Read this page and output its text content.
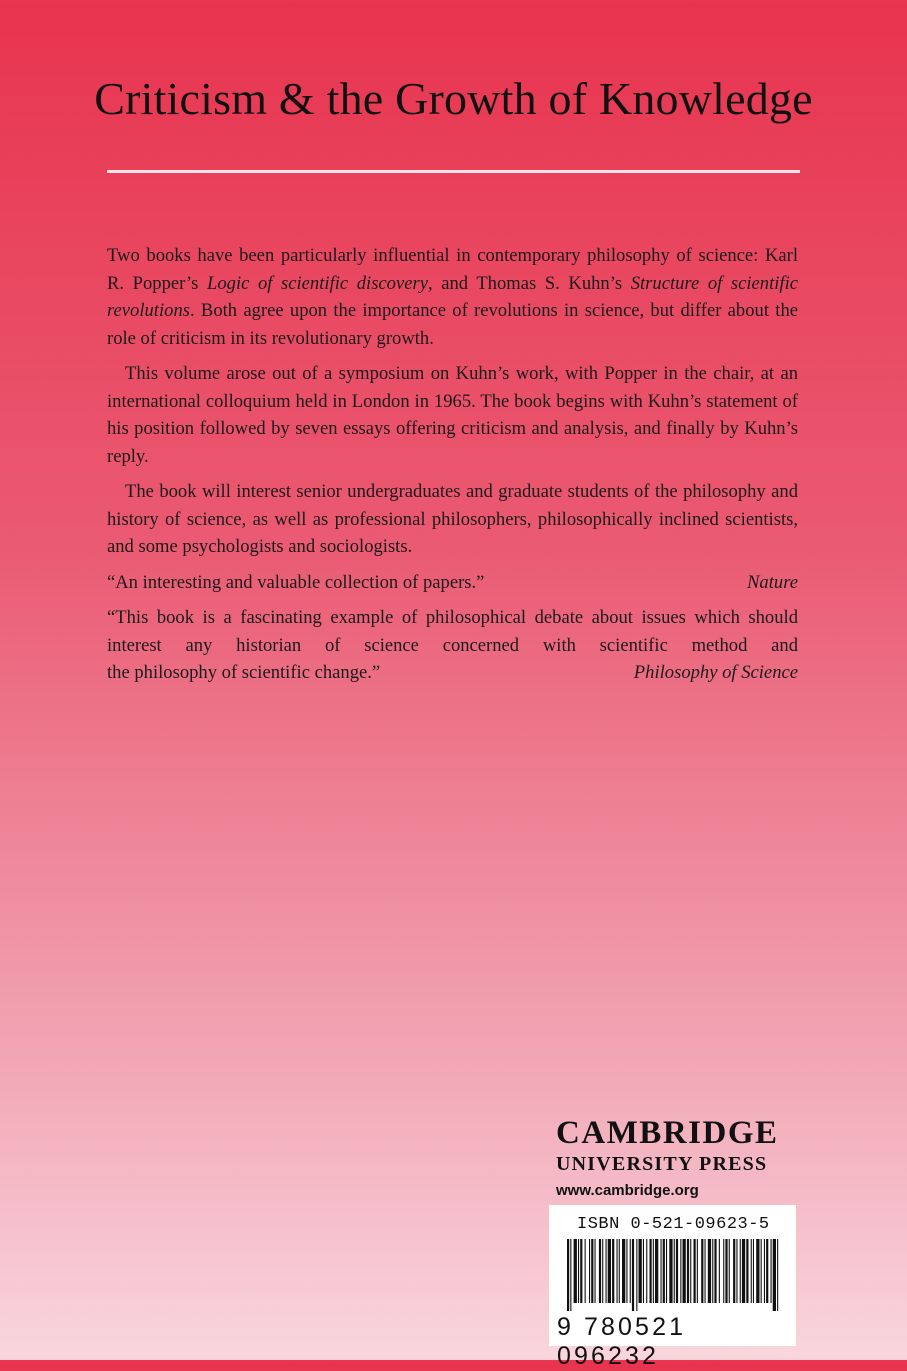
Criticism & the Growth of Knowledge

Two books have been particularly influential in contemporary philosophy of science: Karl R. Popper’s Logic of scientific discovery, and Thomas S. Kuhn’s Structure of scientific revolutions. Both agree upon the importance of revolutions in science, but differ about the role of criticism in its revolutionary growth.

This volume arose out of a symposium on Kuhn’s work, with Popper in the chair, at an international colloquium held in London in 1965. The book begins with Kuhn’s statement of his position followed by seven essays offering criticism and analysis, and finally by Kuhn’s reply.

The book will interest senior undergraduates and graduate students of the philosophy and history of science, as well as professional philosophers, philosophically inclined scientists, and some psychologists and sociologists.

“An interesting and valuable collection of papers.”	Nature
“This book is a fascinating example of philosophical debate about issues which should interest any historian of science concerned with scientific method and
the philosophy of scientific change.”	Philosophy of Science
CAMBRIDGE
UNIVERSITY PRESS
www.cambridge.org
ISBN 0-521-09623-5
9 780521 096232
